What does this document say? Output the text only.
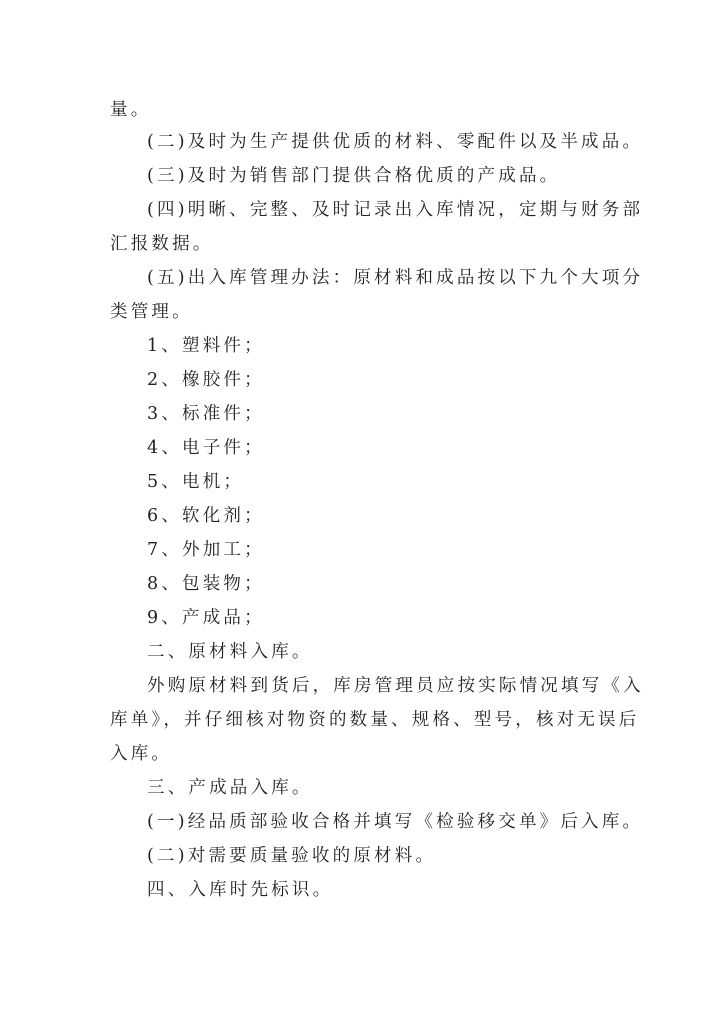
量。
(二)及时为生产提供优质的材料、零配件以及半成品。
(三)及时为销售部门提供合格优质的产成品。
(四)明晰、完整、及时记录出入库情况，定期与财务部
汇报数据。
(五)出入库管理办法：原材料和成品按以下九个大项分
类管理。
1、塑料件；
2、橡胶件；
3、标准件；
4、电子件；
5、电机；
6、软化剂；
7、外加工；
8、包装物；
9、产成品；
二、原材料入库。
外购原材料到货后，库房管理员应按实际情况填写《入
库单》，并仔细核对物资的数量、规格、型号，核对无误后
入库。
三、产成品入库。
(一)经品质部验收合格并填写《检验移交单》后入库。
(二)对需要质量验收的原材料。
四、入库时先标识。
